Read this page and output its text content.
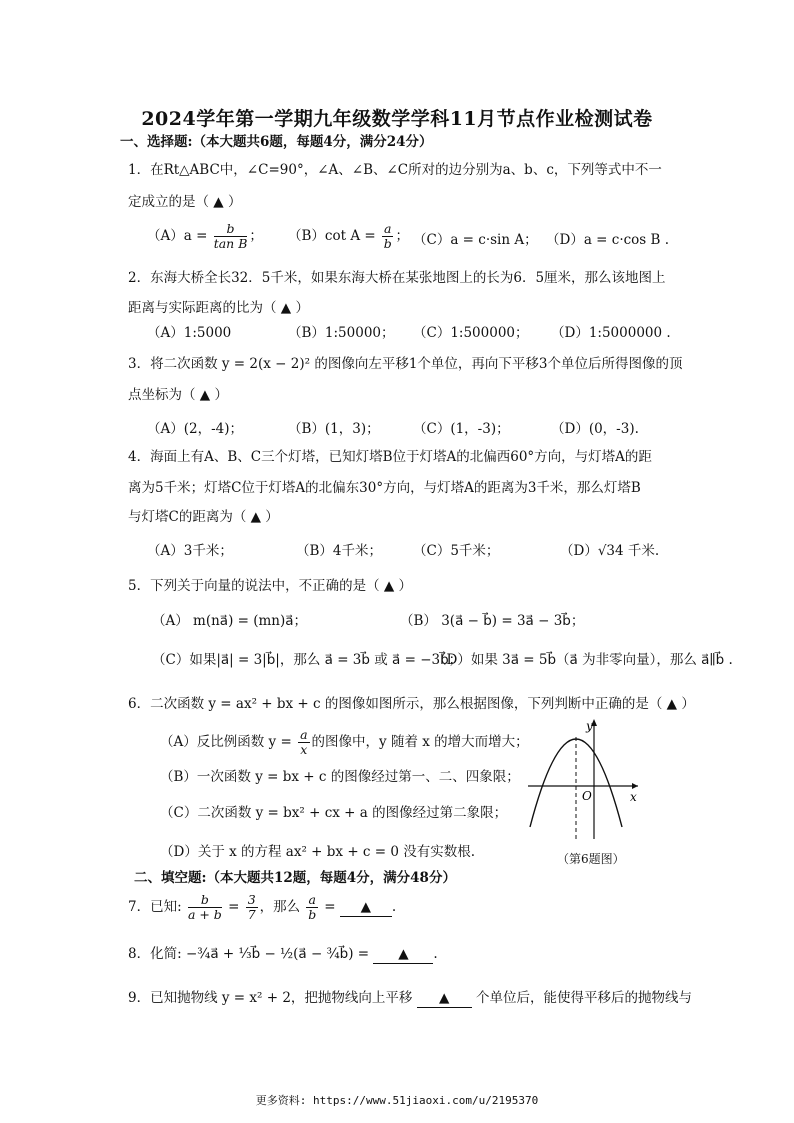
2024学年第一学期九年级数学学科11月节点作业检测试卷
一、选择题:（本大题共6题，每题4分，满分24分）
1．在Rt△ABC中，∠C=90°，∠A、∠B、∠C所对的边分别为a、b、c，下列等式中不一
定成立的是（ ▲ ）
$(A)a = \frac{b}{\text{tan B}}$ ； （B）cot $A = \frac{a}{b}$ ； （C）a = c·sin A； （D）a = c·cos B .
2．东海大桥全长32．5千米，如果东海大桥在某张地图上的长为6．5厘米，那么该地图上
距离与实际距离的比为（ ▲ ）
（A）1:5000	（B）1:50000； （C）1:500000； （D）1:5000000 .
3．将二次函数 y = 2(x − 2)² 的图像向左平移1个单位，再向下平移3个单位后所得图像的顶
点坐标为（ ▲ ）
（A）(2，-4)；	（B）(1，3)； （C）(1，-3)；	（D）(0，-3).
4．海面上有A、B、C三个灯塔，已知灯塔B位于灯塔A的北偏西60°方向，与灯塔A的距
离为5千米；灯塔C位于灯塔A的北偏东30°方向，与灯塔A的距离为3千米，那么灯塔B
与灯塔C的距离为（ ▲ ）
（A）3千米；	（B）4千米； （C）5千米；	（D）√34 千米.
5．下列关于向量的说法中，不正确的是（ ▲ ）
（A） m(na⃗) = (mn)a⃗；	（B） 3(a⃗ − b⃗) = 3a⃗ − 3b⃗；
（C）如果|a⃗| = 3|b⃗|，那么 a⃗ = 3b⃗ 或 a⃗ = −3b⃗；
（D）如果 3a⃗ = 5b⃗（a⃗ 为非零向量），那么 a⃗∥b⃗ .
6．二次函数 y = ax² + bx + c 的图像如图所示，那么根据图像，下列判断中正确的是（ ▲ ）
（A）反比例函数 $y = \frac{a}{x}$ 的图像中，y 随着 x 的增大而增大；
（B）一次函数 y = bx + c 的图像经过第一、二、四象限；
（C）二次函数 y = bx² + cx + a 的图像经过第二象限；
（D）关于 x 的方程 ax² + bx + c = 0 没有实数根.
y
x
O
（第6题图）
二、填空题:（本大题共12题，每题4分，满分48分）
7．已知: $\frac{b}{a + b} = \frac{3}{7}$ ，那么 $\frac{a}{b}$ = ▲ .
8．化简: −¾a⃗ + ⅓b⃗ − ½(a⃗ − ¾b⃗) = ▲ .
9．已知抛物线 y = x² + 2，把抛物线向上平移 ▲ 个单位后，能使得平移后的抛物线与
更多资料: https://www.51jiaoxi.com/u/2195370
